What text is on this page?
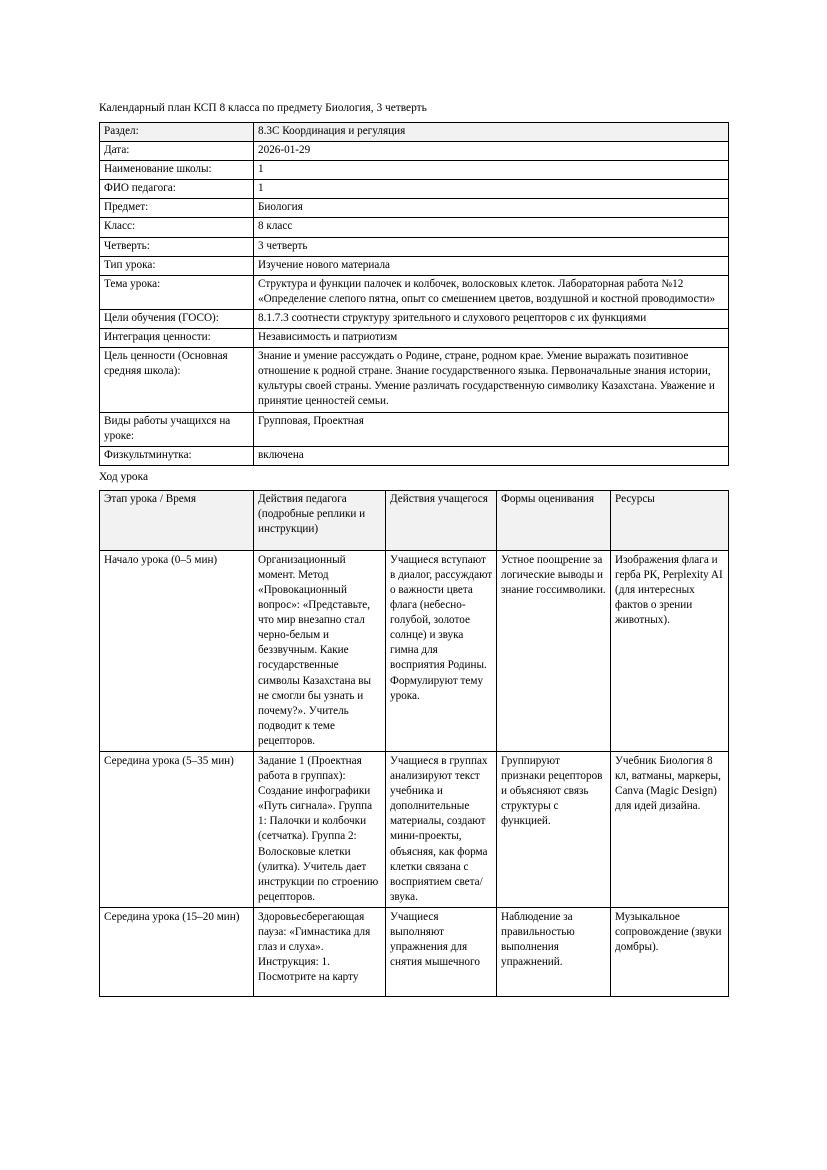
Календарный план КСП 8 класса по предмету Биология, 3 четверть

Раздел:	8.3С Координация и регуляция
Дата:	2026-01-29
Наименование школы:	1
ФИО педагога:	1
Предмет:	Биология
Класс:	8 класс
Четверть:	3 четверть
Тип урока:	Изучение нового материала
Тема урока:	Структура и функции палочек и колбочек, волосковых клеток. Лабораторная работа №12 «Определение слепого пятна, опыт со смешением цветов, воздушной и костной проводимости»
Цели обучения (ГОСО):	8.1.7.3 соотнести структуру зрительного и слухового рецепторов с их функциями
Интеграция ценности:	Независимость и патриотизм
Цель ценности (Основная средняя школа):	Знание и умение рассуждать о Родине, стране, родном крае. Умение выражать позитивное отношение к родной стране. Знание государственного языка. Первоначальные знания истории, культуры своей страны. Умение различать государственную символику Казахстана. Уважение и принятие ценностей семьи.
Виды работы учащихся на уроке:	Групповая, Проектная
Физкультминутка:	включена

Ход урока

Этап урока / Время	Действия педагога (подробные реплики и инструкции)	Действия учащегося	Формы оценивания	Ресурсы
Начало урока (0–5 мин)	Организационный момент. Метод «Провокационный вопрос»: «Представьте, что мир внезапно стал черно-белым и беззвучным. Какие государственные символы Казахстана вы не смогли бы узнать и почему?». Учитель подводит к теме рецепторов.	Учащиеся вступают в диалог, рассуждают о важности цвета флага (небесно-голубой, золотое солнце) и звука гимна для восприятия Родины. Формулируют тему урока.	Устное поощрение за логические выводы и знание госсимволики.	Изображения флага и герба РК, Perplexity AI (для интересных фактов о зрении животных).
Середина урока (5–35 мин)	Задание 1 (Проектная работа в группах): Создание инфографики «Путь сигнала». Группа 1: Палочки и колбочки (сетчатка). Группа 2: Волосковые клетки (улитка). Учитель дает инструкции по строению рецепторов.	Учащиеся в группах анализируют текст учебника и дополнительные материалы, создают мини-проекты, объясняя, как форма клетки связана с восприятием света/звука.	Группируют признаки рецепторов и объясняют связь структуры с функцией.	Учебник Биология 8 кл, ватманы, маркеры, Canva (Magic Design) для идей дизайна.
Середина урока (15–20 мин)	Здоровьесберегающая пауза: «Гимнастика для глаз и слуха». Инструкция: 1. Посмотрите на карту	Учащиеся выполняют упражнения для снятия мышечного	Наблюдение за правильностью выполнения упражнений.	Музыкальное сопровождение (звуки домбры).
